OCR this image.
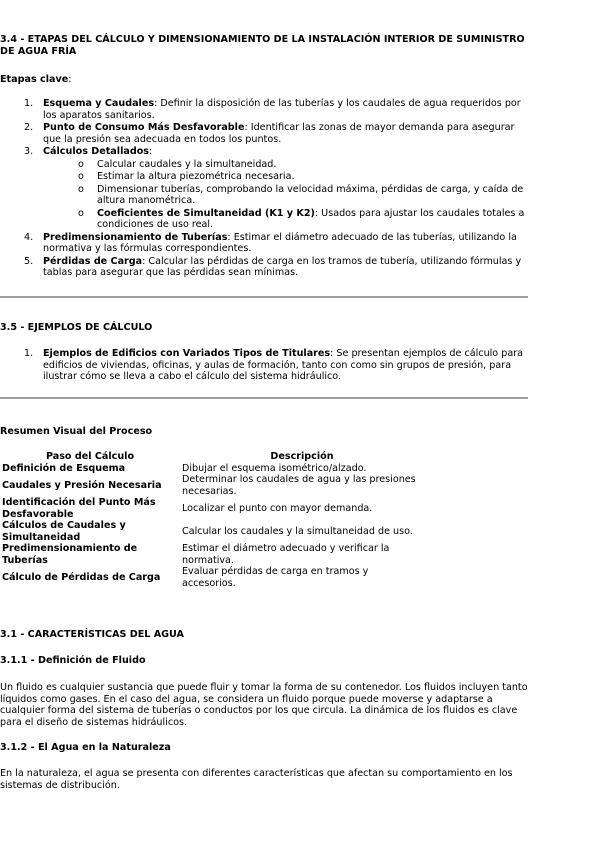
3.4 - ETAPAS DEL CÁLCULO Y DIMENSIONAMIENTO DE LA INSTALACIÓN INTERIOR DE SUMINISTRO DE AGUA FRÍA

Etapas clave:

1. Esquema y Caudales: Definir la disposición de las tuberías y los caudales de agua requeridos por los aparatos sanitarios.
2. Punto de Consumo Más Desfavorable: Identificar las zonas de mayor demanda para asegurar que la presión sea adecuada en todos los puntos.
3. Cálculos Detallados:
o Calcular caudales y la simultaneidad.
o Estimar la altura piezométrica necesaria.
o Dimensionar tuberías, comprobando la velocidad máxima, pérdidas de carga, y caída de altura manométrica.
o Coeficientes de Simultaneidad (K1 y K2): Usados para ajustar los caudales totales a condiciones de uso real.
4. Predimensionamiento de Tuberías: Estimar el diámetro adecuado de las tuberías, utilizando la normativa y las fórmulas correspondientes.
5. Pérdidas de Carga: Calcular las pérdidas de carga en los tramos de tubería, utilizando fórmulas y tablas para asegurar que las pérdidas sean mínimas.

3.5 - EJEMPLOS DE CÁLCULO

1. Ejemplos de Edificios con Variados Tipos de Titulares: Se presentan ejemplos de cálculo para edificios de viviendas, oficinas, y aulas de formación, tanto con como sin grupos de presión, para ilustrar cómo se lleva a cabo el cálculo del sistema hidráulico.

Resumen Visual del Proceso

Paso del Cálculo	Descripción
Definición de Esquema	Dibujar el esquema isométrico/alzado.
Caudales y Presión Necesaria	Determinar los caudales de agua y las presiones necesarias.
Identificación del Punto Más Desfavorable	Localizar el punto con mayor demanda.
Cálculos de Caudales y Simultaneidad	Calcular los caudales y la simultaneidad de uso.
Predimensionamiento de Tuberías	Estimar el diámetro adecuado y verificar la normativa.
Cálculo de Pérdidas de Carga	Evaluar pérdidas de carga en tramos y accesorios.

3.1 - CARACTERÍSTICAS DEL AGUA

3.1.1 - Definición de Fluido

Un fluido es cualquier sustancia que puede fluir y tomar la forma de su contenedor. Los fluidos incluyen tanto líquidos como gases. En el caso del agua, se considera un fluido porque puede moverse y adaptarse a cualquier forma del sistema de tuberías o conductos por los que circula. La dinámica de los fluidos es clave para el diseño de sistemas hidráulicos.

3.1.2 - El Agua en la Naturaleza

En la naturaleza, el agua se presenta con diferentes características que afectan su comportamiento en los sistemas de distribución.
